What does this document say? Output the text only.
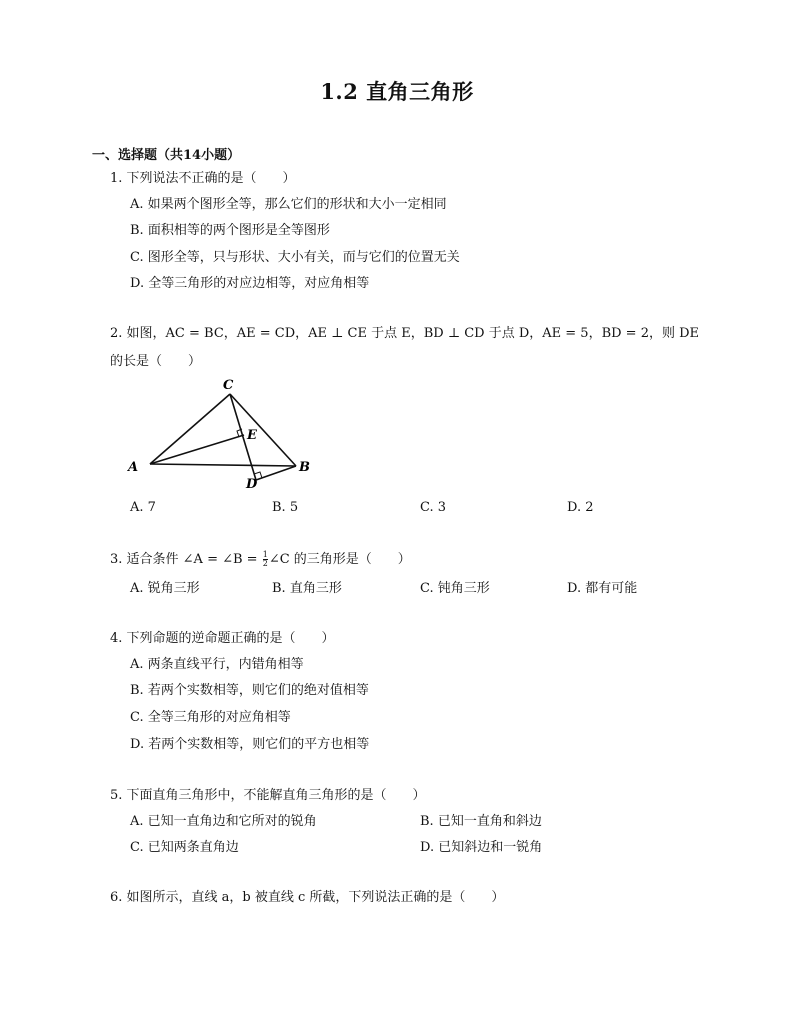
1.2 直角三角形
一、选择题（共14小题）
1. 下列说法不正确的是（　　）
A. 如果两个图形全等，那么它们的形状和大小一定相同
B. 面积相等的两个图形是全等图形
C. 图形全等，只与形状、大小有关，而与它们的位置无关
D. 全等三角形的对应边相等，对应角相等
2. 如图，AC = BC，AE = CD，AE ⊥ CE 于点 E，BD ⊥ CD 于点 D，AE = 5，BD = 2，则 DE 的长是（　　）
C
E
A	B
D
A. 7	B. 5	C. 3	D. 2
3. 适合条件 ∠A = ∠B = $\frac{1}{2}$ ∠C 的三角形是（　　）
A. 锐角三形	B. 直角三形	C. 钝角三形	D. 都有可能
4. 下列命题的逆命题正确的是（　　）
A. 两条直线平行，内错角相等
B. 若两个实数相等，则它们的绝对值相等
C. 全等三角形的对应角相等
D. 若两个实数相等，则它们的平方也相等
5. 下面直角三角形中，不能解直角三角形的是（　　）
A. 已知一直角边和它所对的锐角	B. 已知一直角和斜边
C. 已知两条直角边	D. 已知斜边和一锐角
6. 如图所示，直线 a，b 被直线 c 所截，下列说法正确的是（　　）
